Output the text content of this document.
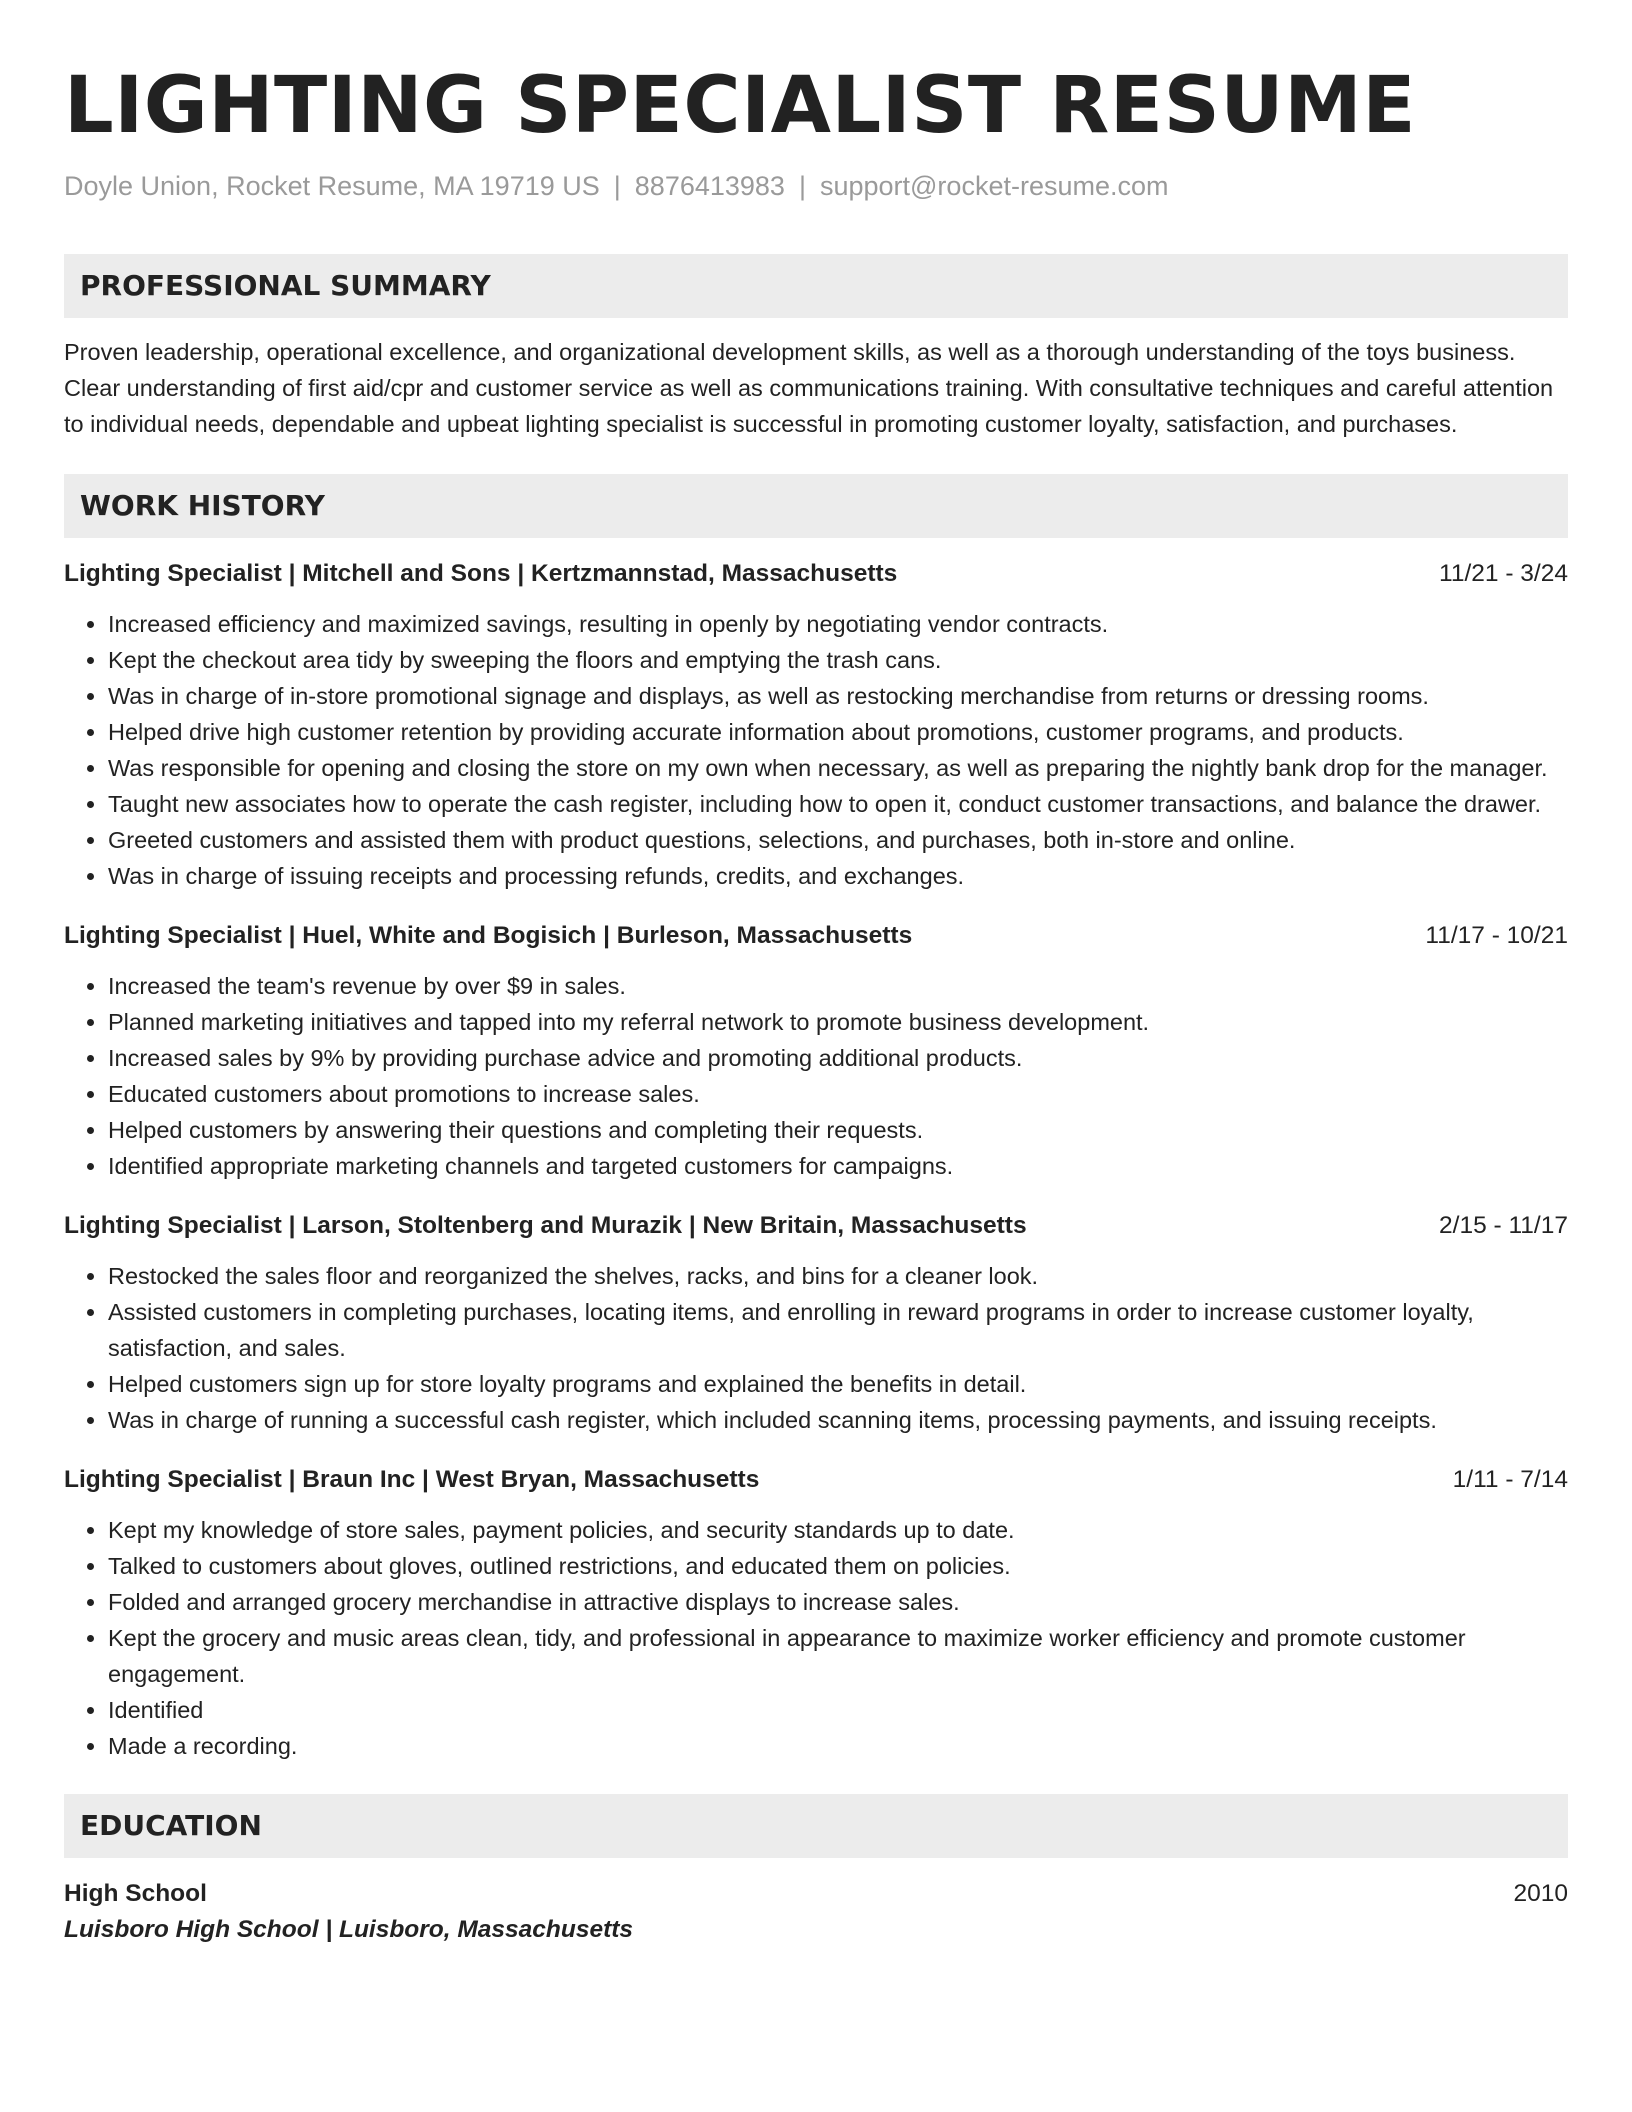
LIGHTING SPECIALIST RESUME
Doyle Union, Rocket Resume, MA 19719 US | 8876413983 | support@rocket-resume.com
PROFESSIONAL SUMMARY

Proven leadership, operational excellence, and organizational development skills, as well as a thorough understanding of the toys business. Clear understanding of first aid/cpr and customer service as well as communications training. With consultative techniques and careful attention to individual needs, dependable and upbeat lighting specialist is successful in promoting customer loyalty, satisfaction, and purchases.

WORK HISTORY
Lighting Specialist | Mitchell and Sons | Kertzmannstad, Massachusetts	11/21 - 3/24
• Increased efficiency and maximized savings, resulting in openly by negotiating vendor contracts.
• Kept the checkout area tidy by sweeping the floors and emptying the trash cans.
• Was in charge of in-store promotional signage and displays, as well as restocking merchandise from returns or dressing rooms.
• Helped drive high customer retention by providing accurate information about promotions, customer programs, and products.
• Was responsible for opening and closing the store on my own when necessary, as well as preparing the nightly bank drop for the manager.
• Taught new associates how to operate the cash register, including how to open it, conduct customer transactions, and balance the drawer.
• Greeted customers and assisted them with product questions, selections, and purchases, both in-store and online.
• Was in charge of issuing receipts and processing refunds, credits, and exchanges.
Lighting Specialist | Huel, White and Bogisich | Burleson, Massachusetts	11/17 - 10/21
• Increased the team's revenue by over $9 in sales.
• Planned marketing initiatives and tapped into my referral network to promote business development.
• Increased sales by 9% by providing purchase advice and promoting additional products.
• Educated customers about promotions to increase sales.
• Helped customers by answering their questions and completing their requests.
• Identified appropriate marketing channels and targeted customers for campaigns.
Lighting Specialist | Larson, Stoltenberg and Murazik | New Britain, Massachusetts	2/15 - 11/17
• Restocked the sales floor and reorganized the shelves, racks, and bins for a cleaner look.
• Assisted customers in completing purchases, locating items, and enrolling in reward programs in order to increase customer loyalty, satisfaction, and sales.
• Helped customers sign up for store loyalty programs and explained the benefits in detail.
• Was in charge of running a successful cash register, which included scanning items, processing payments, and issuing receipts.
Lighting Specialist | Braun Inc | West Bryan, Massachusetts	1/11 - 7/14
• Kept my knowledge of store sales, payment policies, and security standards up to date.
• Talked to customers about gloves, outlined restrictions, and educated them on policies.
• Folded and arranged grocery merchandise in attractive displays to increase sales.
• Kept the grocery and music areas clean, tidy, and professional in appearance to maximize worker efficiency and promote customer engagement.
• Identified
• Made a recording.
EDUCATION
High School	2010
Luisboro High School | Luisboro, Massachusetts
